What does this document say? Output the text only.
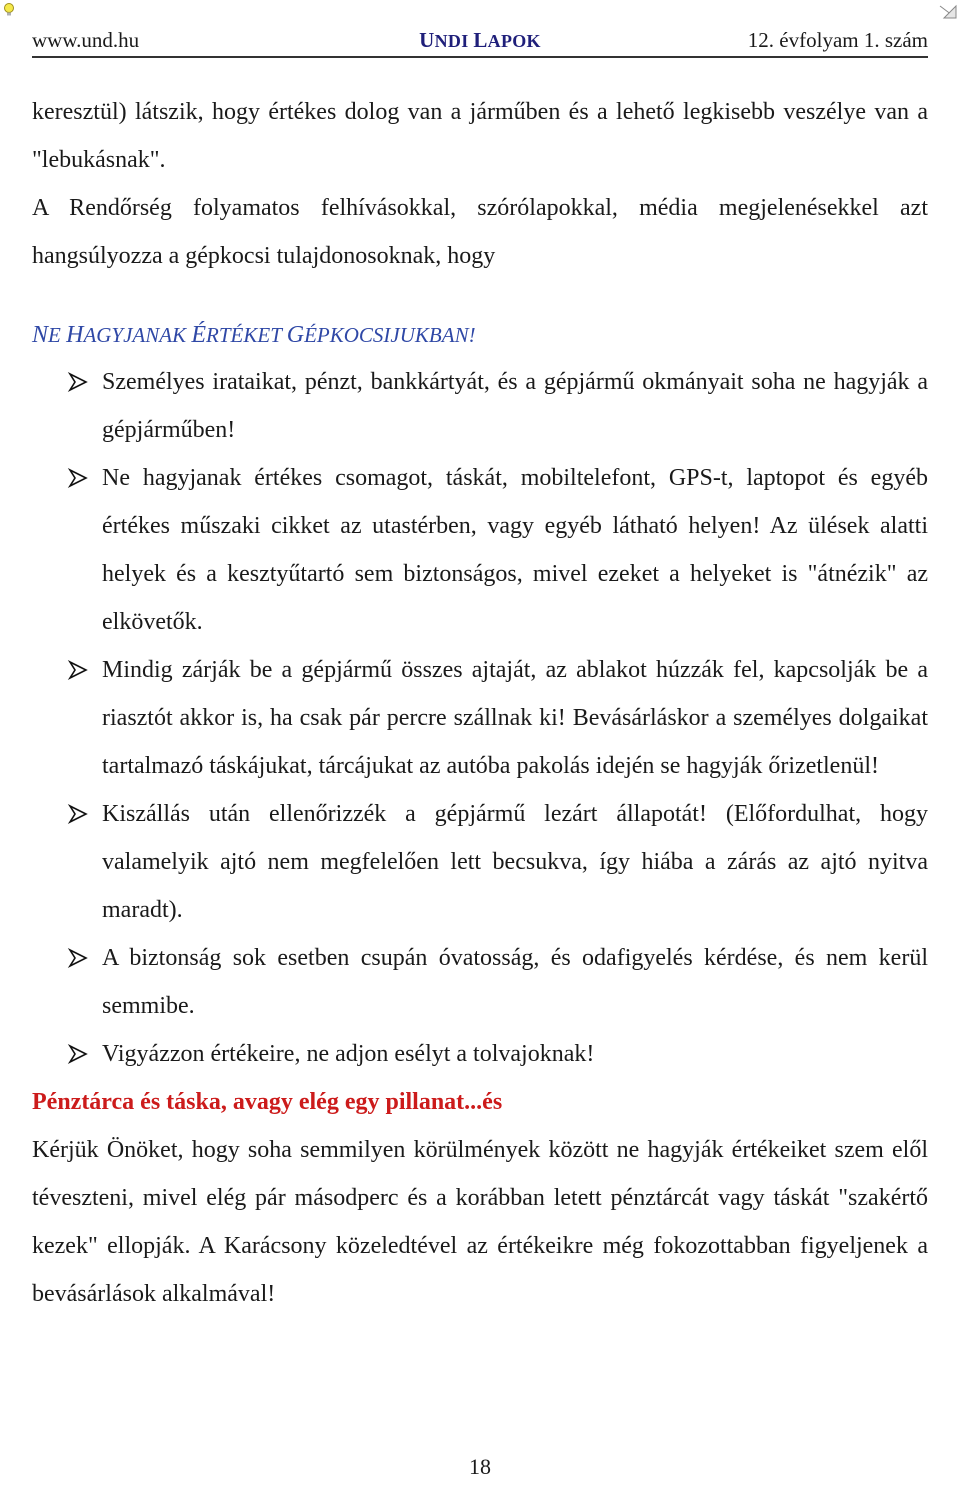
www.und.hu	UNDI LAPOK	12. évfolyam 1. szám

keresztül) látszik, hogy értékes dolog van a járműben és a lehető legkisebb veszélye van a "lebukásnak".

A Rendőrség folyamatos felhívásokkal, szórólapokkal, média megjelenésekkel azt hangsúlyozza a gépkocsi tulajdonosoknak, hogy

NE HAGYJANAK ÉRTÉKET GÉPKOCSIJUKBAN!
Személyes irataikat, pénzt, bankkártyát, és a gépjármű okmányait soha ne hagyják a gépjárműben!
Ne hagyjanak értékes csomagot, táskát, mobiltelefont, GPS-t, laptopot és egyéb értékes műszaki cikket az utastérben, vagy egyéb látható helyen! Az ülések alatti helyek és a kesztyűtartó sem biztonságos, mivel ezeket a helyeket is "átnézik" az elkövetők.
Mindig zárják be a gépjármű összes ajtaját, az ablakot húzzák fel, kapcsolják be a riasztót akkor is, ha csak pár percre szállnak ki! Bevásárláskor a személyes dolgaikat tartalmazó táskájukat, tárcájukat az autóba pakolás idején se hagyják őrizetlenül!
Kiszállás után ellenőrizzék a gépjármű lezárt állapotát! (Előfordulhat, hogy valamelyik ajtó nem megfelelően lett becsukva, így hiába a zárás az ajtó nyitva maradt).
A biztonság sok esetben csupán óvatosság, és odafigyelés kérdése, és nem kerül semmibe.
Vigyázzon értékeire, ne adjon esélyt a tolvajoknak!

Pénztárca és táska, avagy elég egy pillanat...és

Kérjük Önöket, hogy soha semmilyen körülmények között ne hagyják értékeiket szem elől téveszteni, mivel elég pár másodperc és a korábban letett pénztárcát vagy táskát "szakértő kezek" ellopják. A Karácsony közeledtével az értékeikre még fokozottabban figyeljenek a bevásárlások alkalmával!

18
